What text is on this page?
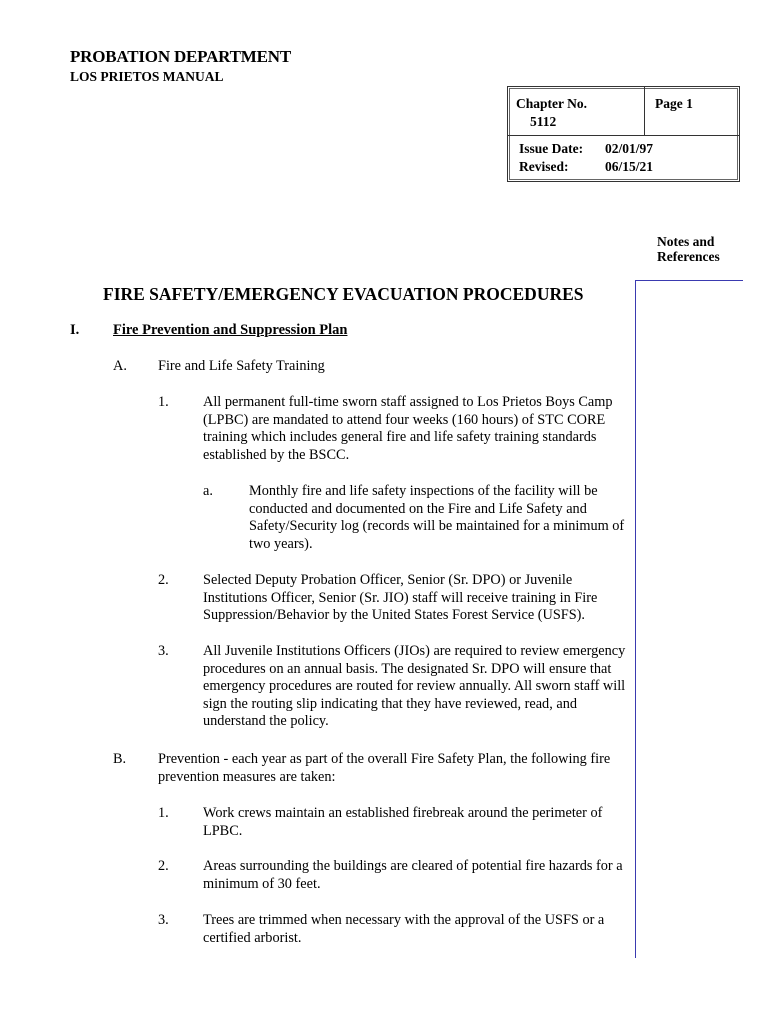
PROBATION DEPARTMENT
LOS PRIETOS MANUAL
Chapter No.
5112
Page 1
Issue Date: 02/01/97
Revised:	06/15/21
Notes and
References
FIRE SAFETY/EMERGENCY EVACUATION PROCEDURES
I. Fire Prevention and Suppression Plan
A. Fire and Life Safety Training
1. All permanent full-time sworn staff assigned to Los Prietos Boys Camp (LPBC) are mandated to attend four weeks (160 hours) of STC CORE training which includes general fire and life safety training standards established by the BSCC.
a.	Monthly fire and life safety inspections of the facility will be conducted and documented on the Fire and Life Safety and Safety/Security log (records will be maintained for a minimum of two years).
2. Selected Deputy Probation Officer, Senior (Sr. DPO) or Juvenile Institutions Officer, Senior (Sr. JIO) staff will receive training in Fire Suppression/Behavior by the United States Forest Service (USFS).
3. All Juvenile Institutions Officers (JIOs) are required to review emergency procedures on an annual basis. The designated Sr. DPO will ensure that emergency procedures are routed for review annually. All sworn staff will sign the routing slip indicating that they have reviewed, read, and understand the policy.
B. Prevention - each year as part of the overall Fire Safety Plan, the following fire prevention measures are taken:
1. Work crews maintain an established firebreak around the perimeter of LPBC.
2. Areas surrounding the buildings are cleared of potential fire hazards for a minimum of 30 feet.
3. Trees are trimmed when necessary with the approval of the USFS or a certified arborist.
